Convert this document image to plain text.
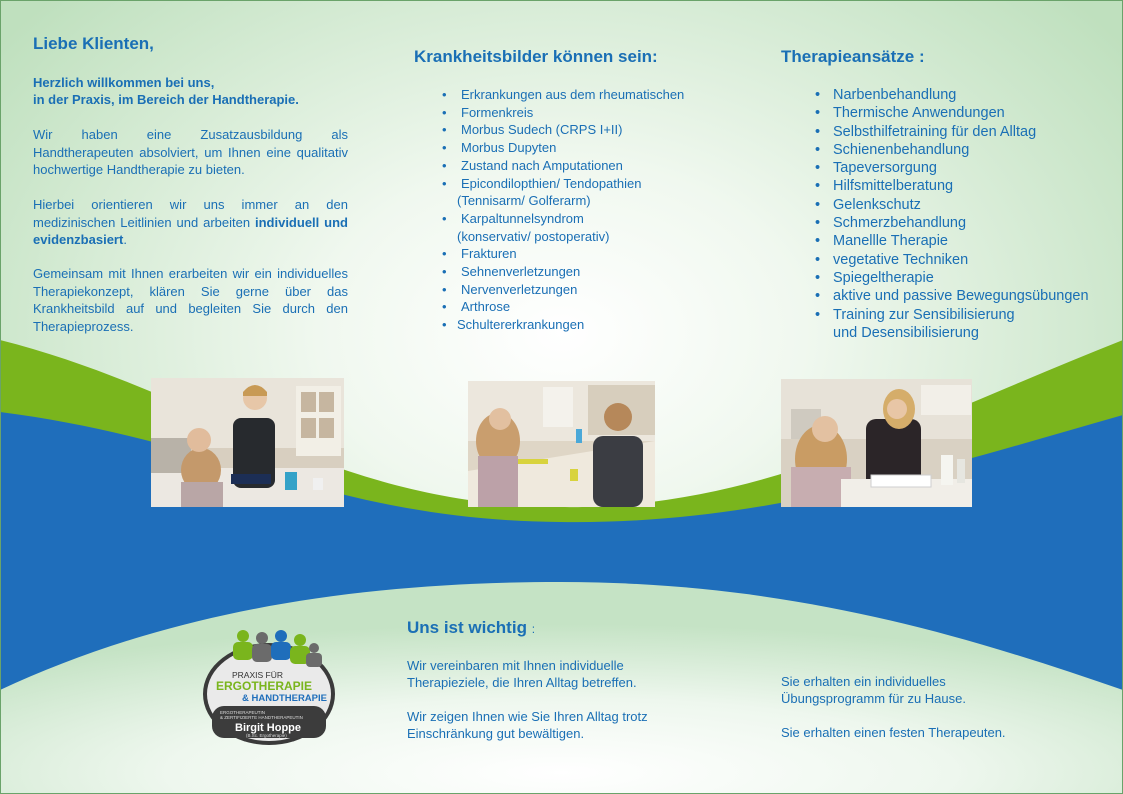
Liebe Klienten,
Herzlich willkommen bei uns,
in der Praxis, im Bereich der Handtherapie.
Wir haben eine Zusatzausbildung als Handtherapeuten absolviert, um Ihnen eine qualitativ hochwertige Handtherapie zu bieten.
Hierbei orientieren wir uns immer an den medizinischen Leitlinien und arbeiten individuell und evidenzbasiert.
Gemeinsam mit Ihnen erarbeiten wir ein individuelles Therapiekonzept, klären Sie gerne über das Krankheitsbild auf und begleiten Sie durch den Therapieprozess.
Krankheitsbilder können sein:
• Erkrankungen aus dem rheumatischen
• Formenkreis
• Morbus Sudech (CRPS I+II)
• Morbus Dupyten
• Zustand nach Amputationen
• Epicondilopthien/ Tendopathien
(Tennisarm/ Golferarm)
• Karpaltunnelsyndrom
(konservativ/ postoperativ)
• Frakturen
• Sehnenverletzungen
• Nervenverletzungen
• Arthrose
• Schultererkrankungen
Therapieansätze :
• Narbenbehandlung
• Thermische Anwendungen
• Selbsthilfetraining für den Alltag
• Schienenbehandlung
• Tapeversorgung
• Hilfsmittelberatung
• Gelenkschutz
• Schmerzbehandlung
• Manellle Therapie
• vegetative Techniken
• Spiegeltherapie
• aktive und passive Bewegungsübungen
• Training zur Sensibilisierung
und Desensibilisierung
PRAXIS FÜR
ERGOTHERAPIE
& HANDTHERAPIE
ERGOTHERAPEUTIN
& ZERTIFIZIERTE HANDTHERAPEUTIN
Birgit Hoppe
(B.Sc. Ergotherapie)
Uns ist wichtig :
Wir vereinbaren mit Ihnen individuelle Therapieziele, die Ihren Alltag betreffen.
Wir zeigen Ihnen wie Sie Ihren Alltag trotz Einschränkung gut bewältigen.
Sie erhalten ein individuelles Übungsprogramm für zu Hause.
Sie erhalten einen festen Therapeuten.
